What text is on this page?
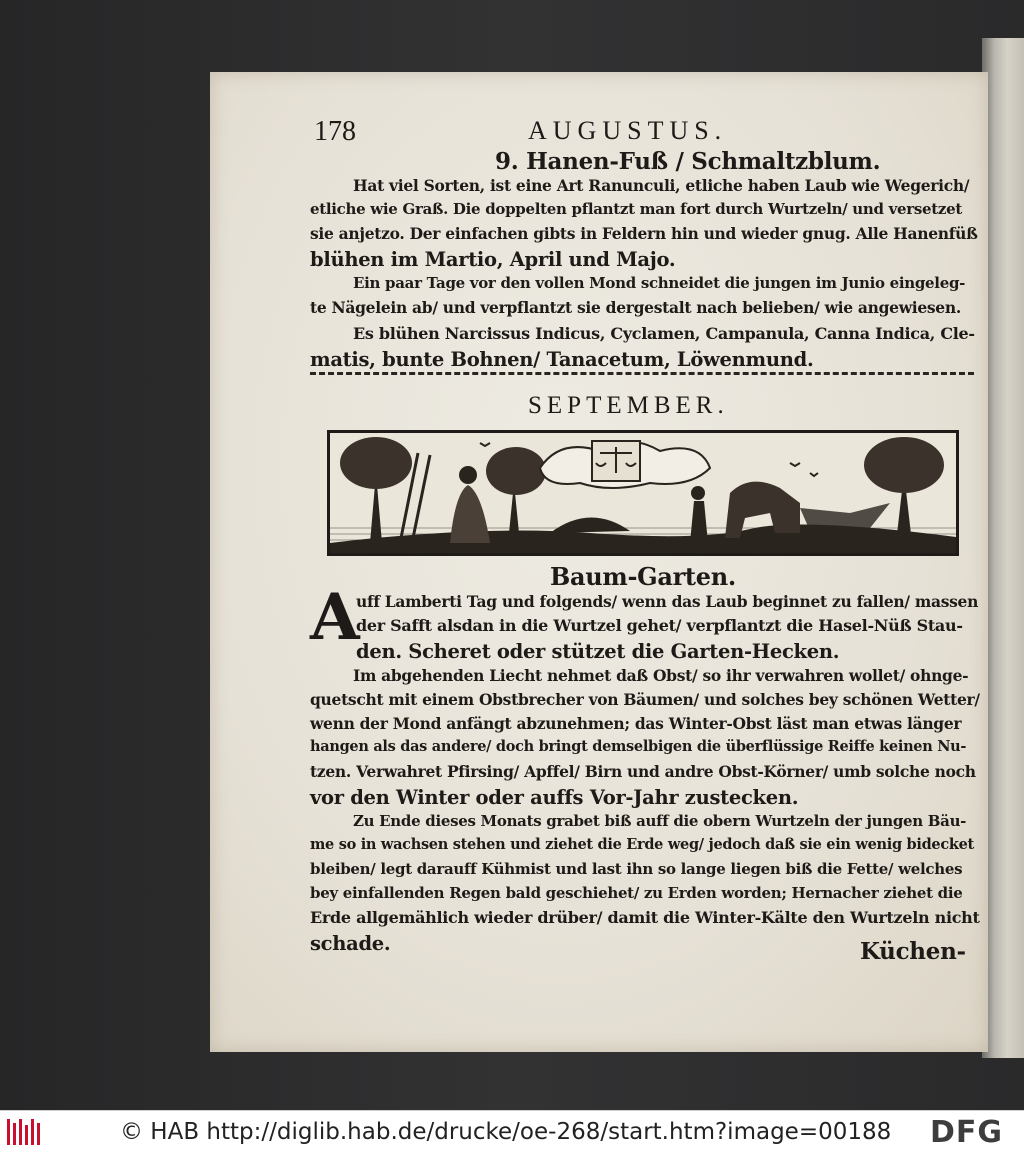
178	AUGUSTUS.
9. Hanen-Fuß / Schmaltzblum.
Hat viel Sorten, ist eine Art Ranunculi, etliche haben Laub wie Wegerich/
etliche wie Graß. Die doppelten pflantzt man fort durch Wurtzeln/ und versetzet
sie anjetzo. Der einfachen gibts in Feldern hin und wieder gnug. Alle Hanenfüß
blühen im Martio, April und Majo.
Ein paar Tage vor den vollen Mond schneidet die jungen im Junio eingeleg-
te Nägelein ab/ und verpflantzt sie dergestalt nach belieben/ wie angewiesen.
Es blühen Narcissus Indicus, Cyclamen, Campanula, Canna Indica, Cle-
matis, bunte Bohnen/ Tanacetum, Löwenmund.
SEPTEMBER.
Baum-Garten.
A
uff Lamberti Tag und folgends/ wenn das Laub beginnet zu fallen/ massen
der Safft alsdan in die Wurtzel gehet/ verpflantzt die Hasel-Nüß Stau-
den. Scheret oder stützet die Garten-Hecken.
Im abgehenden Liecht nehmet daß Obst/ so ihr verwahren wollet/ ohnge-
quetscht mit einem Obstbrecher von Bäumen/ und solches bey schönen Wetter/
wenn der Mond anfängt abzunehmen; das Winter-Obst läst man etwas länger
hangen als das andere/ doch bringt demselbigen die überflüssige Reiffe keinen Nu-
tzen. Verwahret Pfirsing/ Apffel/ Birn und andre Obst-Körner/ umb solche noch
vor den Winter oder auffs Vor-Jahr zustecken.
Zu Ende dieses Monats grabet biß auff die obern Wurtzeln der jungen Bäu-
me so in wachsen stehen und ziehet die Erde weg/ jedoch daß sie ein wenig bidecket
bleiben/ legt darauff Kühmist und last ihn so lange liegen biß die Fette/ welches
bey einfallenden Regen bald geschiehet/ zu Erden worden; Hernacher ziehet die
Erde allgemählich wieder drüber/ damit die Winter-Kälte den Wurtzeln nicht
schade.	Küchen-
© HAB http://diglib.hab.de/drucke/oe-268/start.htm?image=00188 DFG
